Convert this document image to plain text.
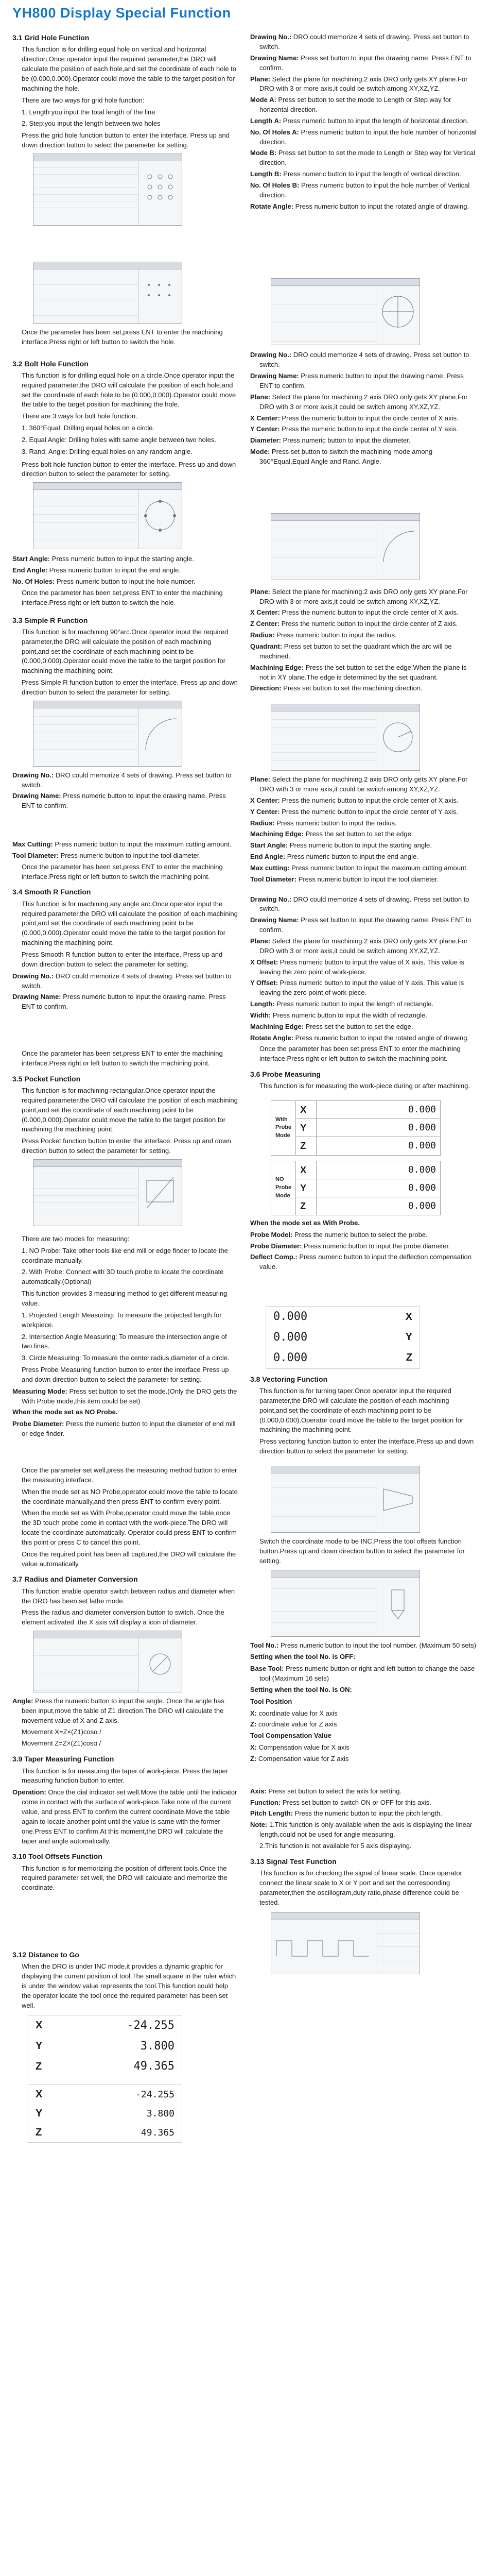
YH800 Display Special Function
3.1 Grid Hole Function

This function is for drilling equal hole on vertical and horizontal direction.Once operator input the required parameter,the DRO will calculate the position of each hole,and set the coordinate of each hole to be (0.000,0.000).Operator could move the table to the target position for machining the hole.

There are two ways for grid hole function:

1. Length:you input the total length of the line

2. Step:you input the length between two holes

Press the grid hole function button to enter the interface. Press up and down direction button to select the parameter for setting.

Once the parameter has been set,press ENT to enter the machining interface.Press right or left button to switch the hole.

3.2 Bolt Hole Function

This function is for drilling equal hole on a circle.Once operator input the required parameter,the DRO will calculate the position of each hole,and set the coordinate of each hole to be (0.000,0.000).Operator could move the table to the target position for machining the hole.

There are 3 ways for bolt hole function.

1. 360°Equal: Drilling equal holes on a circle.

2. Equal Angle: Drilling holes with same angle between two holes.

3. Rand. Angle: Drilling equal holes on any random angle.

Press bolt hole function button to enter the interface. Press up and down direction button to select the parameter for setting.

Start Angle: Press numeric button to input the starting angle.

End Angle: Press numeric button to input the end angle.

No. Of Holes: Press numeric button to input the hole number.

Once the parameter has been set,press ENT to enter the machining interface.Press right or left button to switch the hole.

3.3 Simple R Function

This function is for machining 90°arc.Once operator input the required parameter,the DRO will calculate the position of each machining point,and set the coordinate of each machining point to be (0.000,0.000).Operator could move the table to the target position for machining the machining point.

Press Simple R function button to enter the interface. Press up and down direction button to select the parameter for setting.

Drawing No.: DRO could memorize 4 sets of drawing. Press set button to switch.

Drawing Name: Press numeric button to input the drawing name. Press ENT to confirm.

Max Cutting: Press numeric button to input the maximum cutting amount.

Tool Diameter: Press numeric button to input the tool diameter.

Once the parameter has been set,press ENT to enter the machining interface.Press right or left button to switch the machining point.

3.4 Smooth R Function

This function is for machining any angle arc.Once operator input the required parameter,the DRO will calculate the position of each machining point,and set the coordinate of each machining point to be (0.000,0.000).Operator could move the table to the target position for machining the machining point.

Press Smooth R function button to enter the interface. Press up and down direction button to select the parameter for setting.

Drawing No.: DRO could memorize 4 sets of drawing. Press set button to switch.

Drawing Name: Press numeric button to input the drawing name. Press ENT to confirm.

Once the parameter has been set,press ENT to enter the machining interface.Press right or left button to switch the machining point.

3.5 Pocket Function

This function is for machining rectangular.Once operator input the required parameter,the DRO will calculate the position of each machining point,and set the coordinate of each machining point to be (0.000,0.000).Operator could move the table to the target position for machining the machining point.

Press Pocket function button to enter the interface. Press up and down direction button to select the parameter for setting.

There are two modes for measuring:

1. NO Probe: Take other tools like end mill or edge finder to locate the coordinate manually.

2. With Probe: Connect with 3D touch probe to locate the coordinate automatically.(Optional)

This function provides 3 measuring method to get different measuring value.

1. Projected Length Measuring: To measure the projected length for workpiece.

2. Intersection Angle Measuring: To measure the intersection angle of two lines.

3. Circle Measuring: To measure the center,radius,diameter of a circle.

Press Probe Measuring function button to enter the interface Press up and down direction button to select the parameter for setting.

Measuring Mode: Press set button to set the mode.(Only the DRO gets the With Probe mode,this item could be set)

When the mode set as NO Probe.

Probe Diameter: Press the numeric button to input the diameter of end mill or edge finder.

Once the parameter set well,press the measuring method button to enter the measuring interface.

When the mode set as NO Probe,operator could move the table to locate the coordinate manually,and then press ENT to confirm every point.

When the mode set as With Probe,operator could move the table,once the 3D touch probe come in contact with the work-piece.The DRO will locate the coordinate automatically. Operator could press ENT to confirm this point or press C to cancel this point.

Once the required point has been all captured,the DRO will calculate the value automatically.

3.7 Radius and Diameter Conversion

This function enable operator switch between radius and diameter when the DRO has been set lathe mode.

Press the radius and diameter conversion button to switch. Once the element activated ,the X axis will display a icon of diameter.

Angle: Press the numeric button to input the angle. Once the angle has been input,move the table of Z1 direction.The DRO will calculate the movement value of X and Z axis.

Movement X=Z×(Z1)cosα /

Movement Z=Z×(Z1)cosα /

3.9 Taper Measuring Function

This function is for measuring the taper of work-piece. Press the taper measuring function button to enter.

Operation: Once the dial indicator set well.Move the table until the indicator come in contact with the surface of work-piece.Take note of the current value, and press ENT to confirm the current coordinate.Move the table again to locate another point until the value is same with the former one.Press ENT to confirm.At this moment,the DRO will calculate the taper and angle automatically.

3.10 Tool Offsets Function

This function is for memorizing the position of different tools.Once the required parameter set well, the DRO will calculate and memorize the coordinate.

3.12 Distance to Go

When the DRO is under INC mode,it provides a dynamic graphic for displaying the current position of tool.The small square in the ruler which is under the window value represents the tool.This function could help the operator locate the tool once the required parameter has been set well.

X	-24.255
Y	3.800
Z	49.365
X	-24.255
Y	3.800
Z	49.365

Drawing No.: DRO could memorize 4 sets of drawing. Press set button to switch.

Drawing Name: Press set button to input the drawing name. Press ENT to confirm.

Plane: Select the plane for machining.2 axis DRO only gets XY plane.For DRO with 3 or more axis,it could be switch among XY,XZ,YZ.

Mode A: Press set button to set the mode to Length or Step way for horizontal direction.

Length A: Press numeric button to input the length of horizontal direction.

No. Of Holes A: Press numeric button to input the hole number of horizontal direction.

Mode B: Press set button to set the mode to Length or Step way for Vertical direction.

Length B: Press numeric button to input the length of vertical direction.

No. Of Holes B: Press numeric button to input the hole number of Vertical direction.

Rotate Angle: Press numeric button to input the rotated angle of drawing.

Drawing No.: DRO could memorize 4 sets of drawing. Press set button to switch.

Drawing Name: Press numeric button to input the drawing name. Press ENT to confirm.

Plane: Select the plane for machining.2 axis DRO only gets XY plane.For DRO with 3 or more axis,it could be switch among XY,XZ,YZ.

X Center: Press the numeric button to input the circle center of X axis.

Y Center: Press the numeric button to input the circle center of Y axis.

Diameter: Press numeric button to input the diameter.

Mode: Press set button to switch the machining mode among 360°Equal,Equal Angle and Rand. Angle.

Plane: Select the plane for machining.2 axis DRO only gets XY plane.For DRO with 3 or more axis,it could be switch among XY,XZ,YZ.

X Center: Press the numeric button to input the circle center of X axis.

Z Center: Press the numeric button to input the circle center of Z axis.

Radius: Press numeric button to input the radius.

Quadrant: Press set button to set the quadrant which the arc will be machined.

Machining Edge: Press the set button to set the edge.When the plane is not in XY plane.The edge is determined by the set quadrant.

Direction: Press set button to set the machining direction.

Plane: Select the plane for machining.2 axis DRO only gets XY plane.For DRO with 3 or more axis,it could be switch among XY,XZ,YZ.

X Center: Press the numeric button to input the circle center of X axis.

Y Center: Press the numeric button to input the circle center of Y axis.

Radius: Press numeric button to input the radius.

Machining Edge: Press the set button to set the edge.

Start Angle: Press numeric button to input the starting angle.

End Angle: Press numeric button to input the end angle.

Max cutting: Press numeric button to input the maximum cutting amount.

Tool Diameter: Press numeric button to input the tool diameter.

Drawing No.: DRO could memorize 4 sets of drawing. Press set button to switch.

Drawing Name: Press set button to input the drawing name. Press ENT to confirm.

Plane: Select the plane for machining.2 axis DRO only gets XY plane.For DRO with 3 or more axis,it could be switch among XY,XZ,YZ.

X Offset: Press numeric button to input the value of X axis. This value is leaving the zero point of work-piece.

Y Offset: Press numeric button to input the value of Y axis. This value is leaving the zero point of work-piece.

Length: Press numeric button to input the length of rectangle.

Width: Press numeric button to input the width of rectangle.

Machining Edge: Press set the button to set the edge.

Rotate Angle: Press numeric button to input the rotated angle of drawing.

Once the parameter has been set,press ENT to enter the machining interface.Press right or left button to switch the machining point.

3.6 Probe Measuring

This function is for measuring the work-piece during or after machining.

With Probe Mode	X	0.000
	Y	0.000
	Z	0.000
NO Probe Mode	X	0.000
	Y	0.000
	Z	0.000

When the mode set as With Probe.

Probe Model: Press the numeric button to select the probe.

Probe Diameter: Press numeric button to input the probe diameter.

Deflect Comp.: Press numeric button to input the deflection compensation value.

0.000	X
0.000	Y
0.000	Z
3.8 Vectoring Function

This function is for turning taper.Once operator input the required parameter,the DRO will calculate the position of each machining point,and set the coordinate of each machining point to be (0.000,0.000).Operator could move the table to the target position for machining the machining point.

Press vectoring function button to enter the interface.Press up and down direction button to select the parameter for setting.

Switch the coordinate mode to be INC.Press the tool offsets function button.Press up and down direction button to select the parameter for setting.

Tool No.: Press numeric button to input the tool number. (Maximum 50 sets)

Setting when the tool No. is OFF:

Base Tool: Press numeric button or right and left button to change the base tool (Maximum 16 sets)

Setting when the tool No. is ON:

Tool Position

X: coordinate value for X axis

Z: coordinate value for Z axis

Tool Compensation Value

X: Compensation value for X axis

Z: Compensation value for Z axis

Axis: Press set button to select the axis for setting.

Function: Press set button to switch ON or OFF for this axis.

Pitch Length: Press the numeric button to input the pitch length.

Note: 1.This function is only available when the axis is displaying the linear length,could not be used for angle measuring.

2.This function is not available for 5 axis displaying.

3.13 Signal Test Function

This function is for checking the signal of linear scale. Once operator connect the linear scale to X or Y port and set the corresponding parameter,then the oscillogram,duty ratio,phase difference could be tested.
